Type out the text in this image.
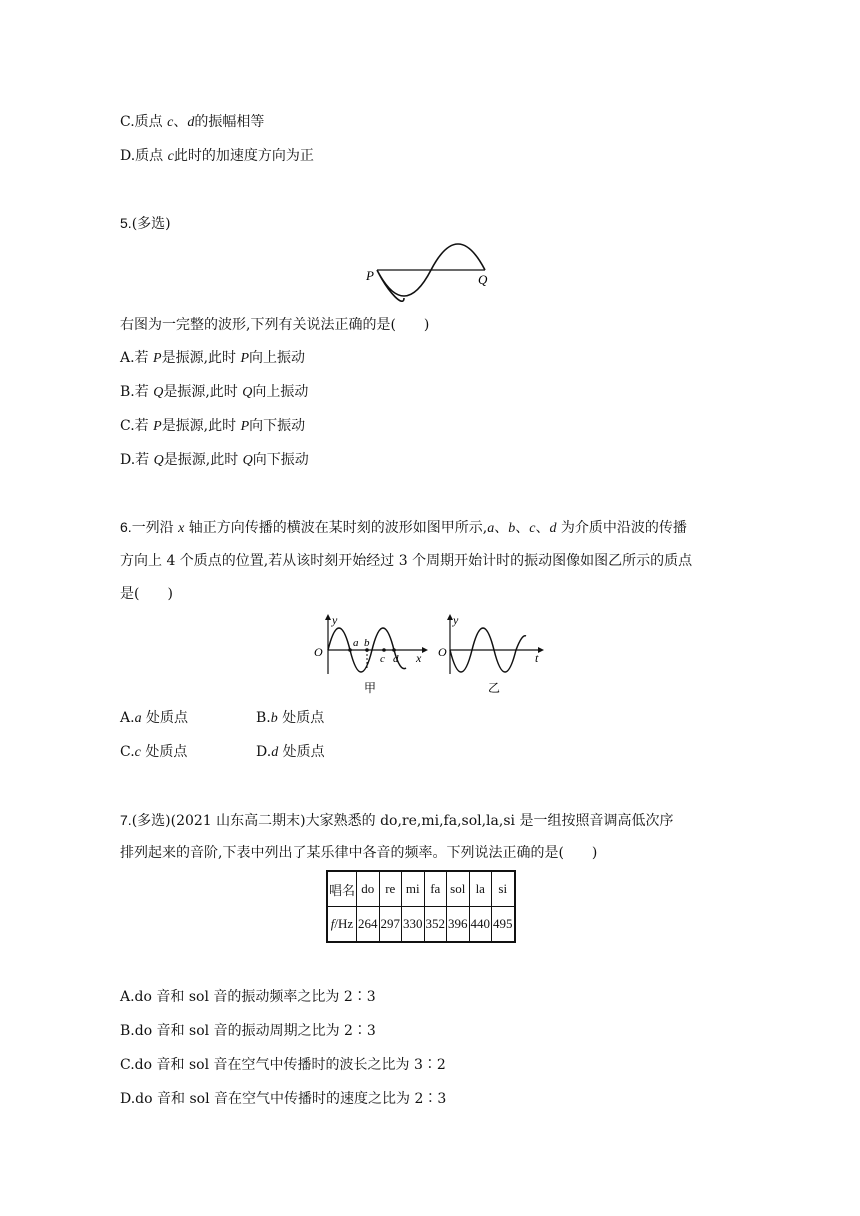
C.质点 c、d的振幅相等
D.质点 c此时的加速度方向为正
5.(多选)
P	Q
右图为一完整的波形,下列有关说法正确的是(　　)
A.若 P是振源,此时 P向上振动
B.若 Q是振源,此时 Q向上振动
C.若 P是振源,此时 P向下振动
D.若 Q是振源,此时 Q向下振动
6.一列沿 x 轴正方向传播的横波在某时刻的波形如图甲所示,a、b、c、d 为介质中沿波的传播
方向上 4 个质点的位置,若从该时刻开始经过 3 个周期开始计时的振动图像如图乙所示的质点
是(　　)
y
O	x
a b
c d
甲
y
O	t
乙
A.a 处质点	B.b 处质点
C.c 处质点	D.d 处质点
7.(多选)(2021 山东高二期末)大家熟悉的 do,re,mi,fa,sol,la,si 是一组按照音调高低次序
排列起来的音阶,下表中列出了某乐律中各音的频率。下列说法正确的是(　　)
唱名	do	re	mi	fa	sol	la	si
f/Hz	264	297	330	352	396	440	495
A.do 音和 sol 音的振动频率之比为 2∶3
B.do 音和 sol 音的振动周期之比为 2∶3
C.do 音和 sol 音在空气中传播时的波长之比为 3∶2
D.do 音和 sol 音在空气中传播时的速度之比为 2∶3
